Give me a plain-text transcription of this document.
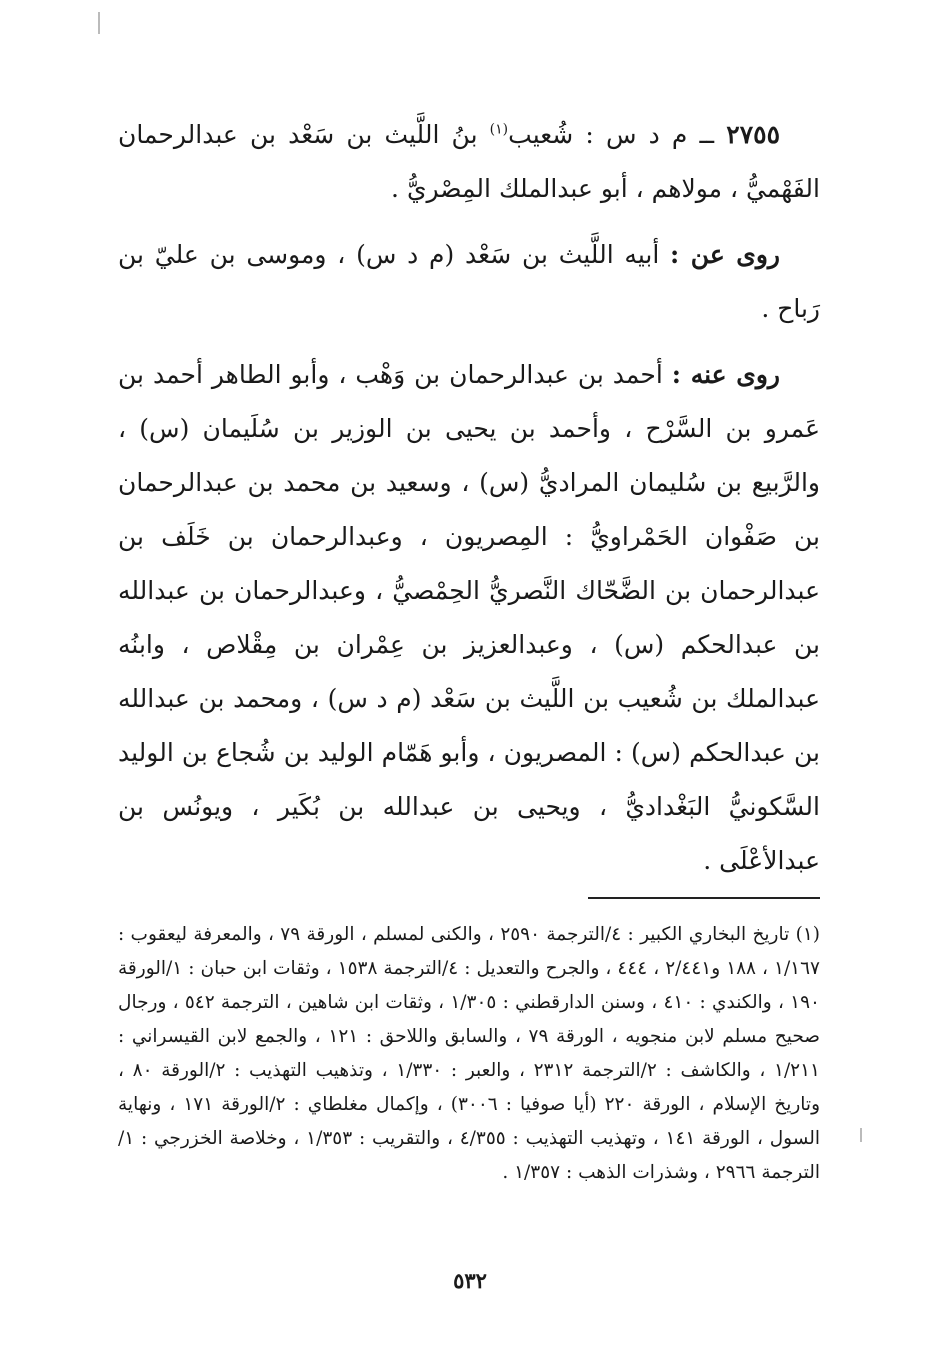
٢٧٥٥ ــ م د س : شُعيب$^{(١)}$ بنُ اللَّيث بن سَعْد بن عبدالرحمان الفَهْميُّ ، مولاهم ، أبو عبدالملك المِصْريُّ .

روى عن : أبيه اللَّيث بن سَعْد (م د س) ، وموسى بن عليّ بن رَباح .

روى عنه : أحمد بن عبدالرحمان بن وَهْب ، وأبو الطاهر أحمد بن عَمرو بن السَّرْح ، وأحمد بن يحيى بن الوزير بن سُلَيمان (س) ، والرَّبيع بن سُليمان المراديُّ (س) ، وسعيد بن محمد بن عبدالرحمان بن صَفْوان الحَمْراويُّ : المِصريون ، وعبدالرحمان بن خَلَف بن عبدالرحمان بن الضَّحّاك النَّصريُّ الحِمْصيُّ ، وعبدالرحمان بن عبدالله بن عبدالحكم (س) ، وعبدالعزيز بن عِمْران بن مِقْلاص ، وابنُه عبدالملك بن شُعيب بن اللَّيث بن سَعْد (م د س) ، ومحمد بن عبدالله بن عبدالحكم (س) : المصريون ، وأبو هَمّام الوليد بن شُجاع بن الوليد السَّكونيُّ البَغْداديُّ ، ويحيى بن عبدالله بن بُكَير ، ويونُس بن عبدالأعْلَى .

(١) تاريخ البخاري الكبير : ٤/الترجمة ٢٥٩٠ ، والكنى لمسلم ، الورقة ٧٩ ، والمعرفة ليعقوب : ١/١٦٧ ، ١٨٨ و٢/٤٤١ ، ٤٤٤ ، والجرح والتعديل : ٤/الترجمة ١٥٣٨ ، وثقات ابن حبان : ١/الورقة ١٩٠ ، والكندي : ٤١٠ ، وسنن الدارقطني : ١/٣٠٥ ، وثقات ابن شاهين ، الترجمة ٥٤٢ ، ورجال صحيح مسلم لابن منجويه ، الورقة ٧٩ ، والسابق واللاحق : ١٢١ ، والجمع لابن القيسراني : ١/٢١١ ، والكاشف : ٢/الترجمة ٢٣١٢ ، والعبر : ١/٣٣٠ ، وتذهيب التهذيب : ٢/الورقة ٨٠ ، وتاريخ الإسلام ، الورقة ٢٢٠ (أيا صوفيا : ٣٠٠٦) ، وإكمال مغلطاي : ٢/الورقة ١٧١ ، ونهاية السول ، الورقة ١٤١ ، وتهذيب التهذيب : ٤/٣٥٥ ، والتقريب : ١/٣٥٣ ، وخلاصة الخزرجي : ١/الترجمة ٢٩٦٦ ، وشذرات الذهب : ١/٣٥٧ .

٥٣٢
